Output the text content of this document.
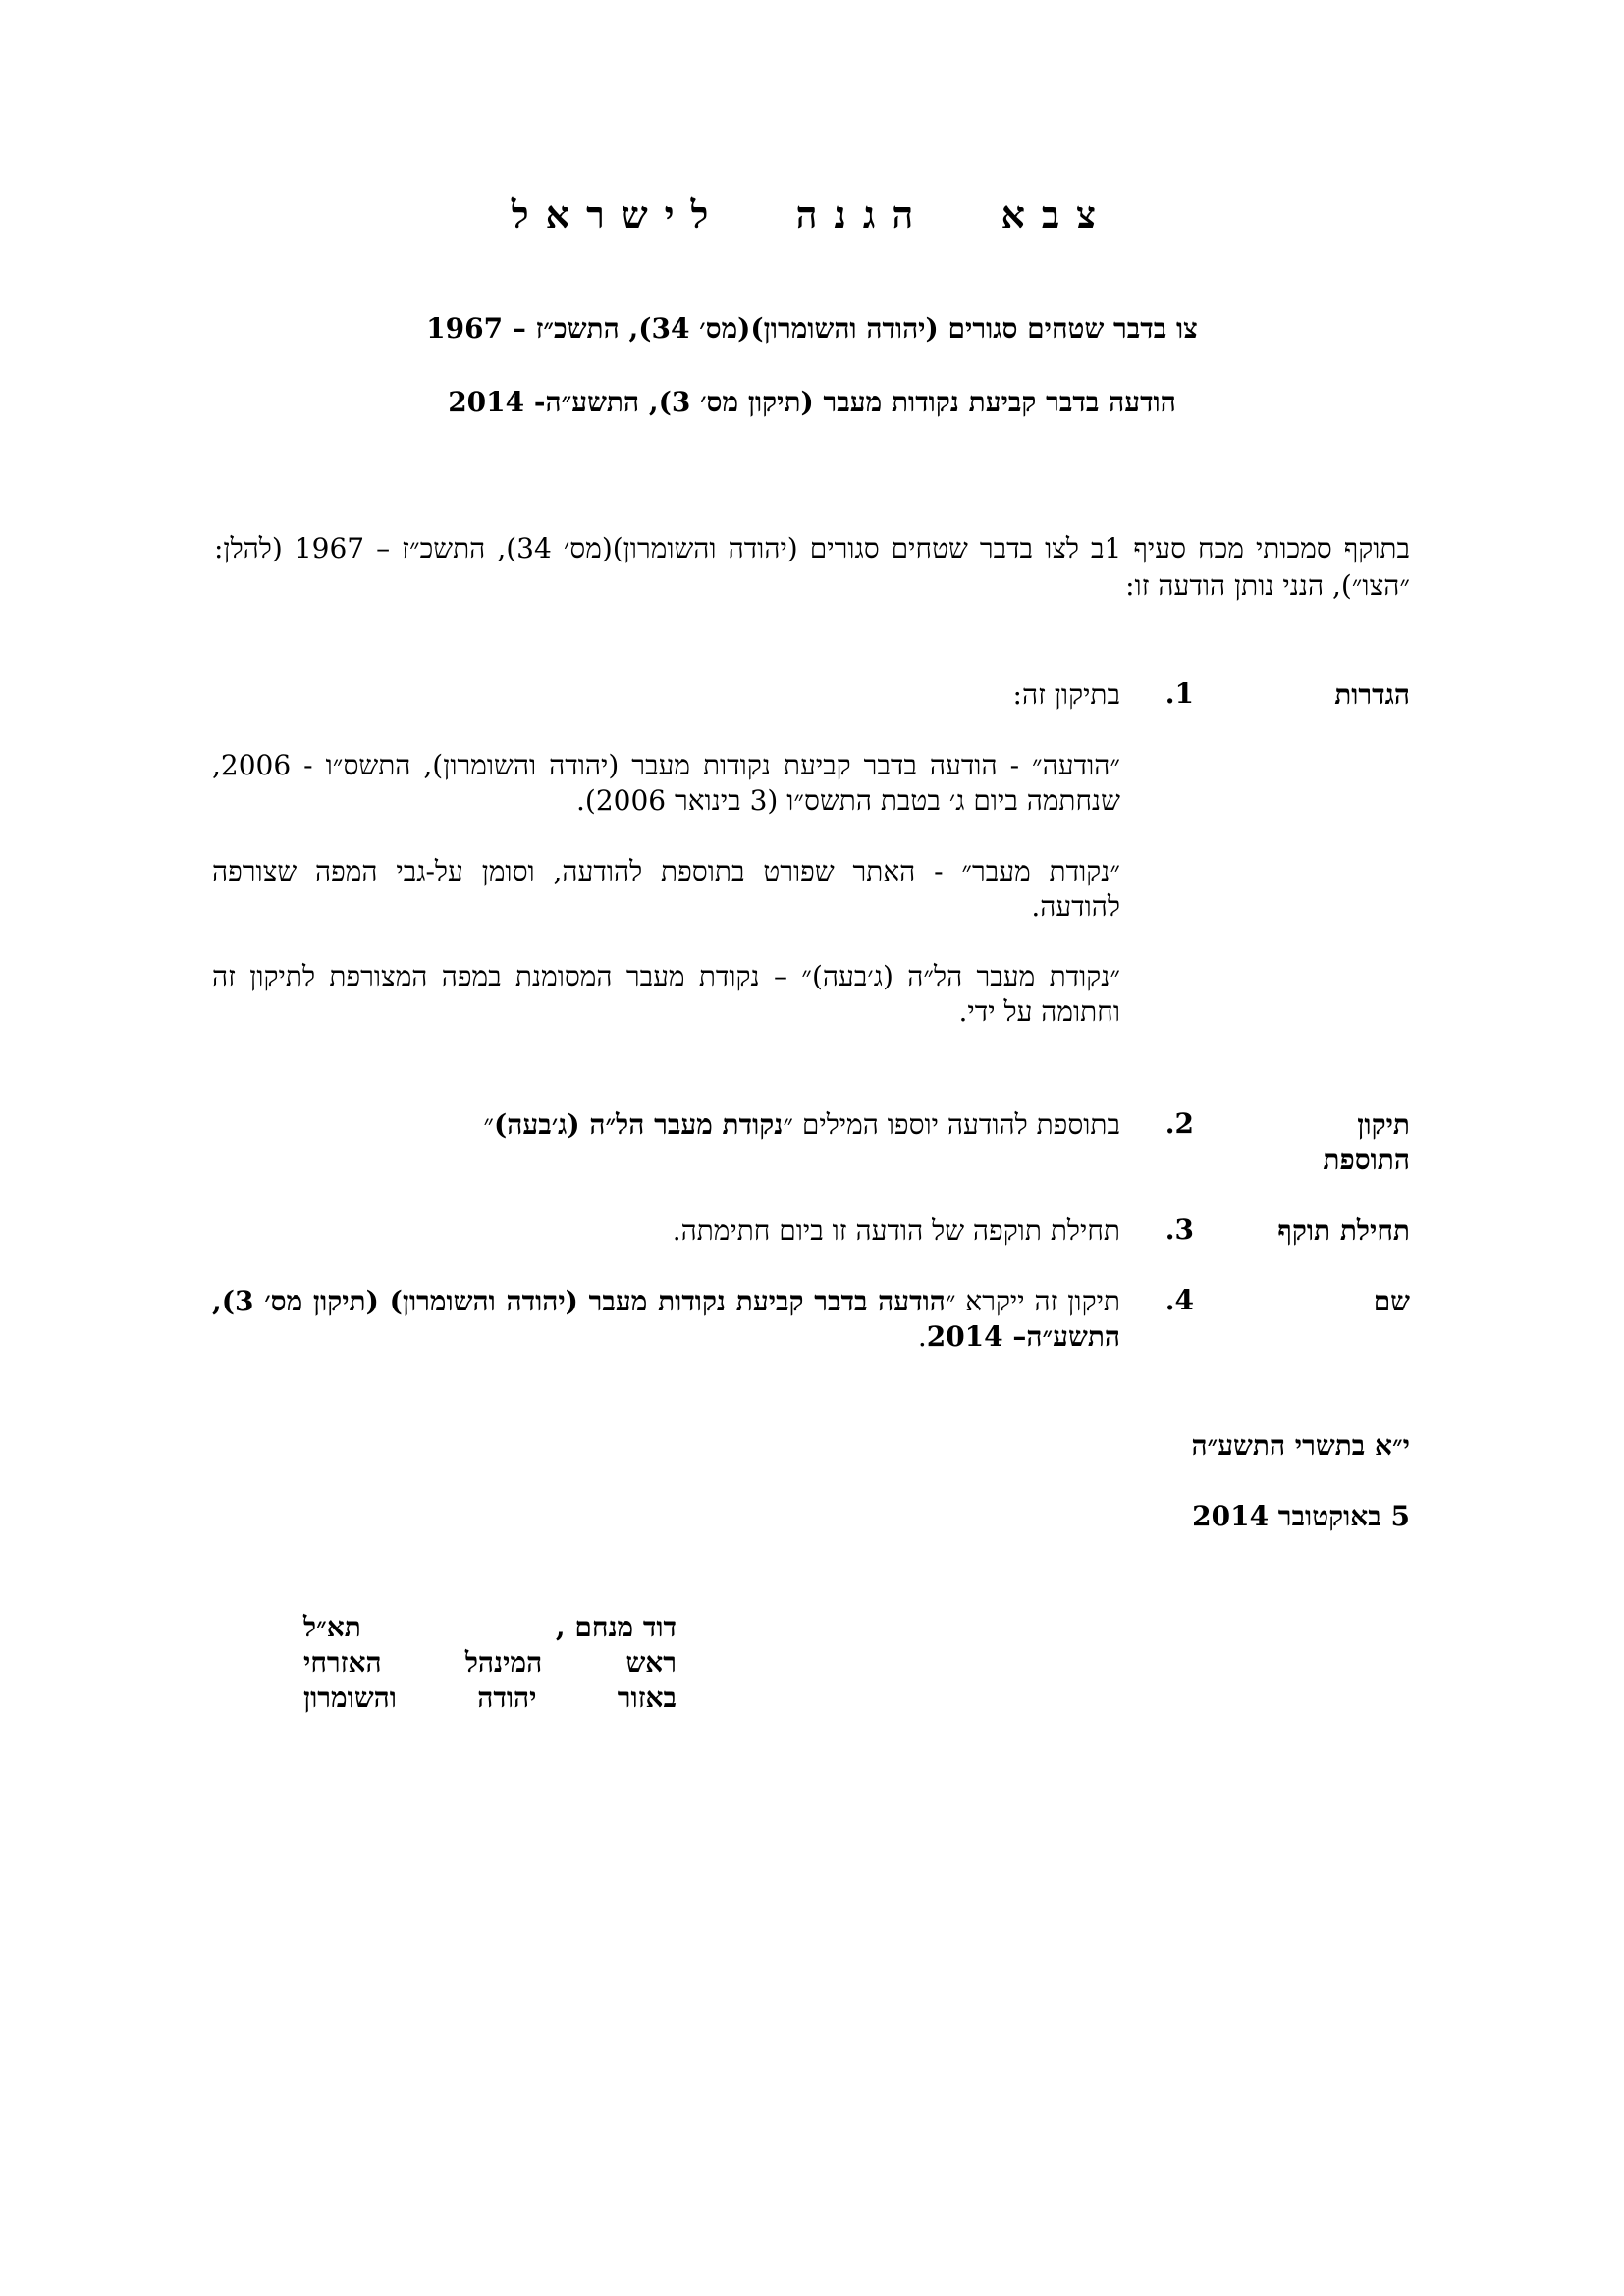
צבא הגנה לישראל
צו בדבר שטחים סגורים (יהודה והשומרון)(מס׳ 34), התשכ״ז – 1967
הודעה בדבר קביעת נקודות מעבר (תיקון מס׳ 3), התשע״ה- 2014
בתוקף סמכותי מכח סעיף 1ב לצו בדבר שטחים סגורים (יהודה והשומרון)(מס׳ 34), התשכ״ז – 1967 (להלן: ״הצו״), הנני נותן הודעה זו:
הגדרות
1.
בתיקון זה:
״הודעה״ - הודעה בדבר קביעת נקודות מעבר (יהודה והשומרון), התשס״ו - 2006, שנחתמה ביום ג׳ בטבת התשס״ו (3 בינואר 2006).
״נקודת מעבר״ - האתר שפורט בתוספת להודעה, וסומן על-גבי המפה שצורפה להודעה.
״נקודת מעבר הל״ה (ג׳בעה)״ – נקודת מעבר המסומנת במפה המצורפת לתיקון זה וחתומה על ידי.
תיקון התוספת
2.
בתוספת להודעה יוספו המילים ״נקודת מעבר הל״ה (ג׳בעה)״
תחילת תוקף
3.
תחילת תוקפה של הודעה זו ביום חתימתה.
שם
4.
תיקון זה ייקרא ״הודעה בדבר קביעת נקודות מעבר (יהודה והשומרון) (תיקון מס׳ 3), התשע״ה– 2014.
י״א בתשרי התשע״ה
5 באוקטובר 2014
דוד מנחם ,
תא״ל
ראש
המינהל
האזרחי
באזור
יהודה
והשומרון
